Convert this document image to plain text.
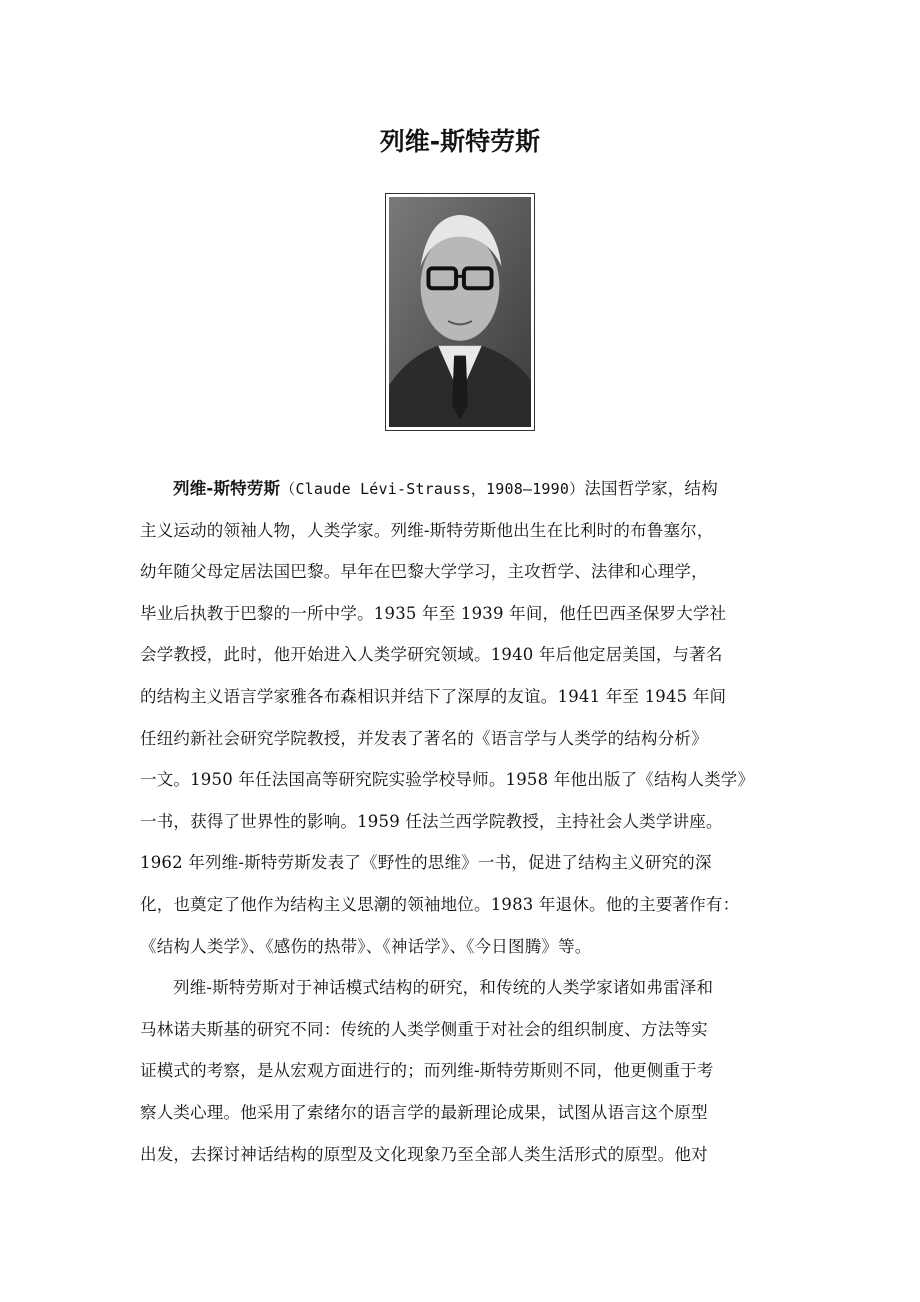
列维-斯特劳斯
列维-斯特劳斯（Claude Lévi-Strauss，1908—1990）法国哲学家，结构
主义运动的领袖人物，人类学家。列维-斯特劳斯他出生在比利时的布鲁塞尔，
幼年随父母定居法国巴黎。早年在巴黎大学学习，主攻哲学、法律和心理学，
毕业后执教于巴黎的一所中学。1935 年至 1939 年间，他任巴西圣保罗大学社
会学教授，此时，他开始进入人类学研究领域。1940 年后他定居美国，与著名
的结构主义语言学家雅各布森相识并结下了深厚的友谊。1941 年至 1945 年间
任纽约新社会研究学院教授，并发表了著名的《语言学与人类学的结构分析》
一文。1950 年任法国高等研究院实验学校导师。1958 年他出版了《结构人类学》
一书，获得了世界性的影响。1959 任法兰西学院教授，主持社会人类学讲座。
1962 年列维-斯特劳斯发表了《野性的思维》一书，促进了结构主义研究的深
化，也奠定了他作为结构主义思潮的领袖地位。1983 年退休。他的主要著作有：
《结构人类学》、《感伤的热带》、《神话学》、《今日图腾》等。
列维-斯特劳斯对于神话模式结构的研究，和传统的人类学家诸如弗雷泽和
马林诺夫斯基的研究不同：传统的人类学侧重于对社会的组织制度、方法等实
证模式的考察，是从宏观方面进行的；而列维-斯特劳斯则不同，他更侧重于考
察人类心理。他采用了索绪尔的语言学的最新理论成果，试图从语言这个原型
出发，去探讨神话结构的原型及文化现象乃至全部人类生活形式的原型。他对
